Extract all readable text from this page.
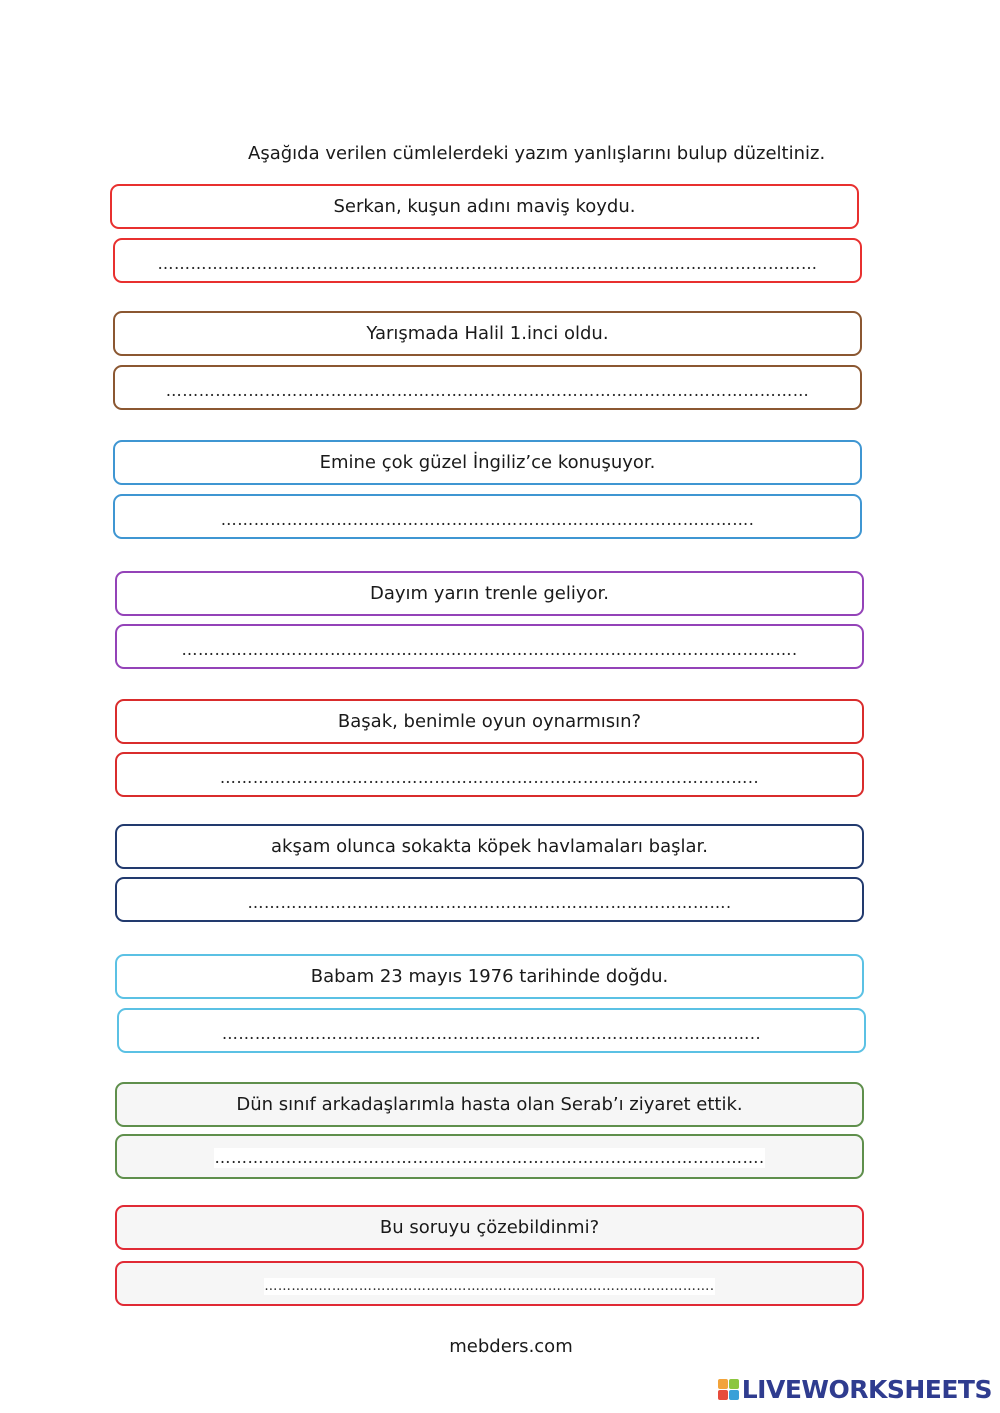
Aşağıda verilen cümlelerdeki yazım yanlışlarını bulup düzeltiniz.
Serkan, kuşun adını maviş koydu.
…………………………………………………………………………………………………………
Yarışmada Halil 1.inci oldu.
………………………………………………………………………………………………………
Emine çok güzel İngiliz’ce konuşuyor.
…………………………………………………………………………………….
Dayım yarın trenle geliyor.
………………………………………………………………………………………………….
Başak, benimle oyun oynarmısın?
……………………………………………………………………………………..
akşam olunca sokakta köpek havlamaları başlar.
…………………………………………………………………………….
Babam 23 mayıs 1976 tarihinde doğdu.
……………………………………………………………………………………..
Dün sınıf arkadaşlarımla hasta olan Serab’ı ziyaret ettik.
……………………………………………………………………………………….
Bu soruyu çözebildinmi?
……………………………………………………………………………………….
mebders.com
LIVEWORKSHEETS
